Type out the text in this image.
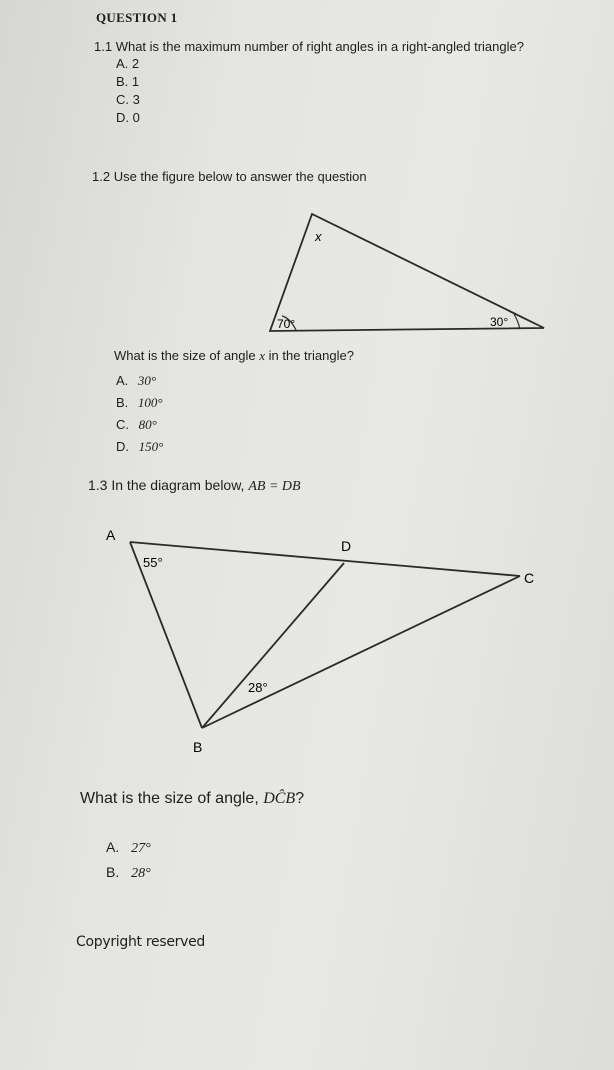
QUESTION 1
1.1 What is the maximum number of right angles in a right-angled triangle?
A. 2
B. 1
C. 3
D. 0
1.2 Use the figure below to answer the question
x
70°	30°
A
B
C
D
55°
28°
What is the size of angle x in the triangle?
A. 30°
B. 100°
C. 80°
D. 150°
1.3 In the diagram below, AB = DB
What is the size of angle, DĈB?
A. 27°
B. 28°
Copyright reserved
